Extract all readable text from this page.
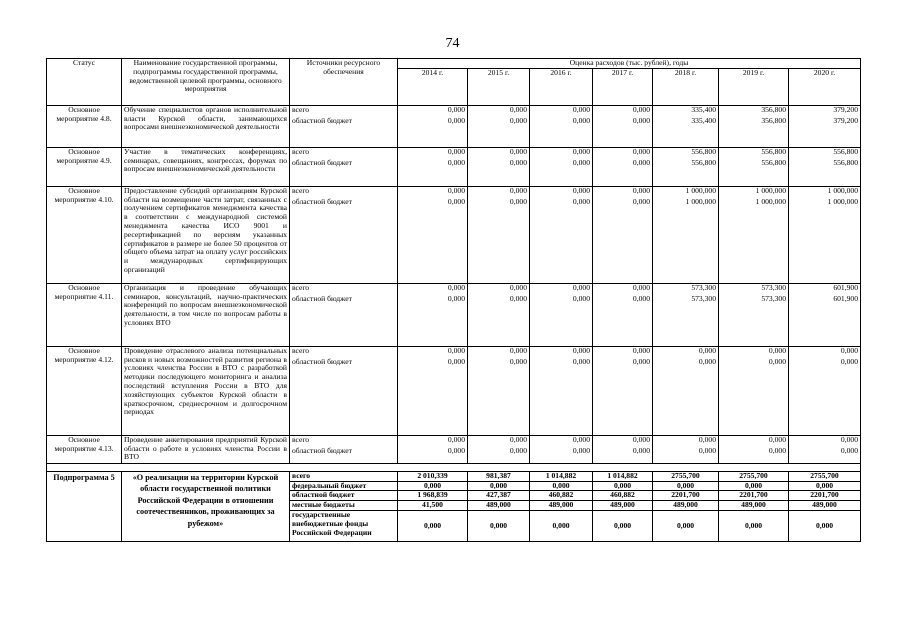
74
Статус	Наименование государственной программы, подпрограммы государственной программы, ведомственной целевой программы, основного мероприятия	Источники ресурсного обеспечения	Оценка расходов (тыс. рублей), годы						
			2014 г.	2015 г.	2016 г.	2017 г.	2018 г.	2019 г.	2020 г.
Основное мероприятие 4.8.	Обучение специалистов органов исполнительной власти Курской области, занимающихся вопросами внешнеэкономической деятельности	всего	0,000	0,000	0,000	0,000	335,400	356,800	379,200
		областной бюджет	0,000	0,000	0,000	0,000	335,400	356,800	379,200
Основное мероприятие 4.9.	Участие в тематических конференциях, семинарах, совещаниях, конгрессах, форумах по вопросам внешнеэкономической деятельности	всего	0,000	0,000	0,000	0,000	556,800	556,800	556,800
		областной бюджет	0,000	0,000	0,000	0,000	556,800	556,800	556,800
Основное мероприятие 4.10.	Предоставление субсидий организациям Курской области на возмещение части затрат, связанных с получением сертификатов менеджмента качества в соответствии с международной системой менеджмента качества ИСО 9001 и ресертификацией по версиям указанных сертификатов в размере не более 50 процентов от общего объема затрат на оплату услуг российских и международных сертифицирующих организаций	всего	0,000	0,000	0,000	0,000	1 000,000	1 000,000	1 000,000
		областной бюджет	0,000	0,000	0,000	0,000	1 000,000	1 000,000	1 000,000
Основное мероприятие 4.11.	Организация и проведение обучающих семинаров, консультаций, научно-практических конференций по вопросам внешнеэкономической деятельности, в том числе по вопросам работы в условиях ВТО	всего	0,000	0,000	0,000	0,000	573,300	573,300	601,900
		областной бюджет	0,000	0,000	0,000	0,000	573,300	573,300	601,900
Основное мероприятие 4.12.	Проведение отраслевого анализа потенциальных рисков и новых возможностей развития региона в условиях членства России в ВТО с разработкой методики последующего мониторинга и анализа последствий вступления России в ВТО для хозяйствующих субъектов Курской области в краткосрочном, среднесрочном и долгосрочном периодах	всего	0,000	0,000	0,000	0,000	0,000	0,000	0,000
		областной бюджет	0,000	0,000	0,000	0,000	0,000	0,000	0,000
Основное мероприятие 4.13.	Проведение анкетирования предприятий Курской области о работе в условиях членства России в ВТО	всего	0,000	0,000	0,000	0,000	0,000	0,000	0,000
		областной бюджет	0,000	0,000	0,000	0,000	0,000	0,000	0,000

Подпрограмма 5	«О реализации на территории Курской области государственной политики Российской Федерации в отношении соотечественников, проживающих за рубежом»	всего	2 010,339	981,387	1 014,882	1 014,882	2755,700	2755,700	2755,700
		федеральный бюджет	0,000	0,000	0,000	0,000	0,000	0,000	0,000
		областной бюджет	1 968,839	427,387	460,882	460,882	2201,700	2201,700	2201,700
		местные бюджеты	41,500	489,000	489,000	489,000	489,000	489,000	489,000
		государственные внебюджетные фонды Российской Федерации	0,000	0,000	0,000	0,000	0,000	0,000	0,000
